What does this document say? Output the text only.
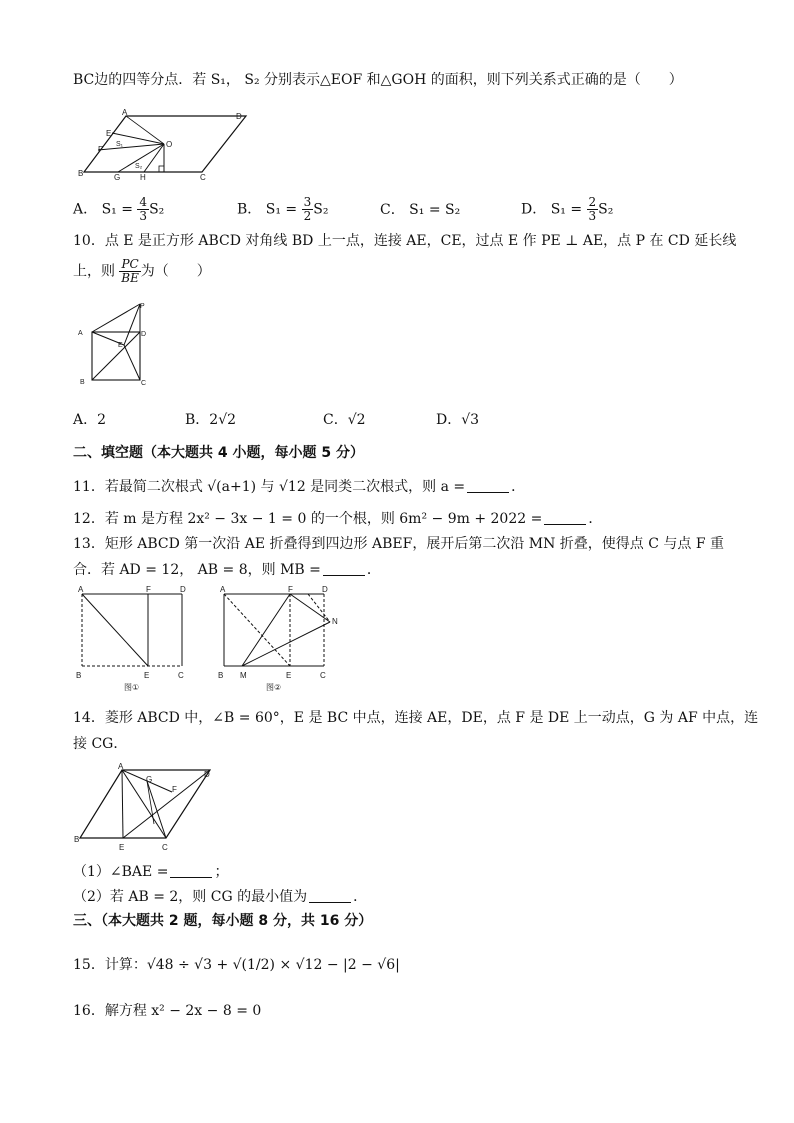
BC边的四等分点．若 S₁， S₂ 分别表示△EOF 和△GOH 的面积，则下列关系式正确的是（　　）
A	D
E
F
O
S₁
S₂
B	G H	C
A． $S_1 = \frac{4}{3} S_2$	B． $S_1 = \frac{3}{2} S_2$	C． S₁ = S₂	D． $S_1 = \frac{2}{3} S_2$
10．点 E 是正方形 ABCD 对角线 BD 上一点，连接 AE，CE，过点 E 作 PE ⊥ AE，点 P 在 CD 延长线
上，则 $\frac{PC}{BE}$ 为（　　）
P
A	D
E
B	C
A．2	B．2√2	C．√2	D．√3
二、填空题（本大题共 4 小题，每小题 5 分）
11．若最简二次根式 √(a+1) 与 √12 是同类二次根式，则 a =	．
12．若 m 是方程 2x² − 3x − 1 = 0 的一个根，则 6m² − 9m + 2022 =	．
13．矩形 ABCD 第一次沿 AE 折叠得到四边形 ABEF，展开后第二次沿 MN 折叠，使得点 C 与点 F 重
合．若 AD = 12， AB = 8，则 MB =	．
A	F	D
B	E	C
图①
A	F	D
N
B M	E	C
图②
14．菱形 ABCD 中，∠B = 60°，E 是 BC 中点，连接 AE，DE，点 F 是 DE 上一动点，G 为 AF 中点，连
接 CG．
A
G
D
F
B
E	C
（1）∠BAE =	；
（2）若 AB = 2，则 CG 的最小值为	．
三、（本大题共 2 题，每小题 8 分，共 16 分）
15．计算：√48 ÷ √3 + √(1/2) × √12 − |2 − √6|
16．解方程 x² − 2x − 8 = 0
